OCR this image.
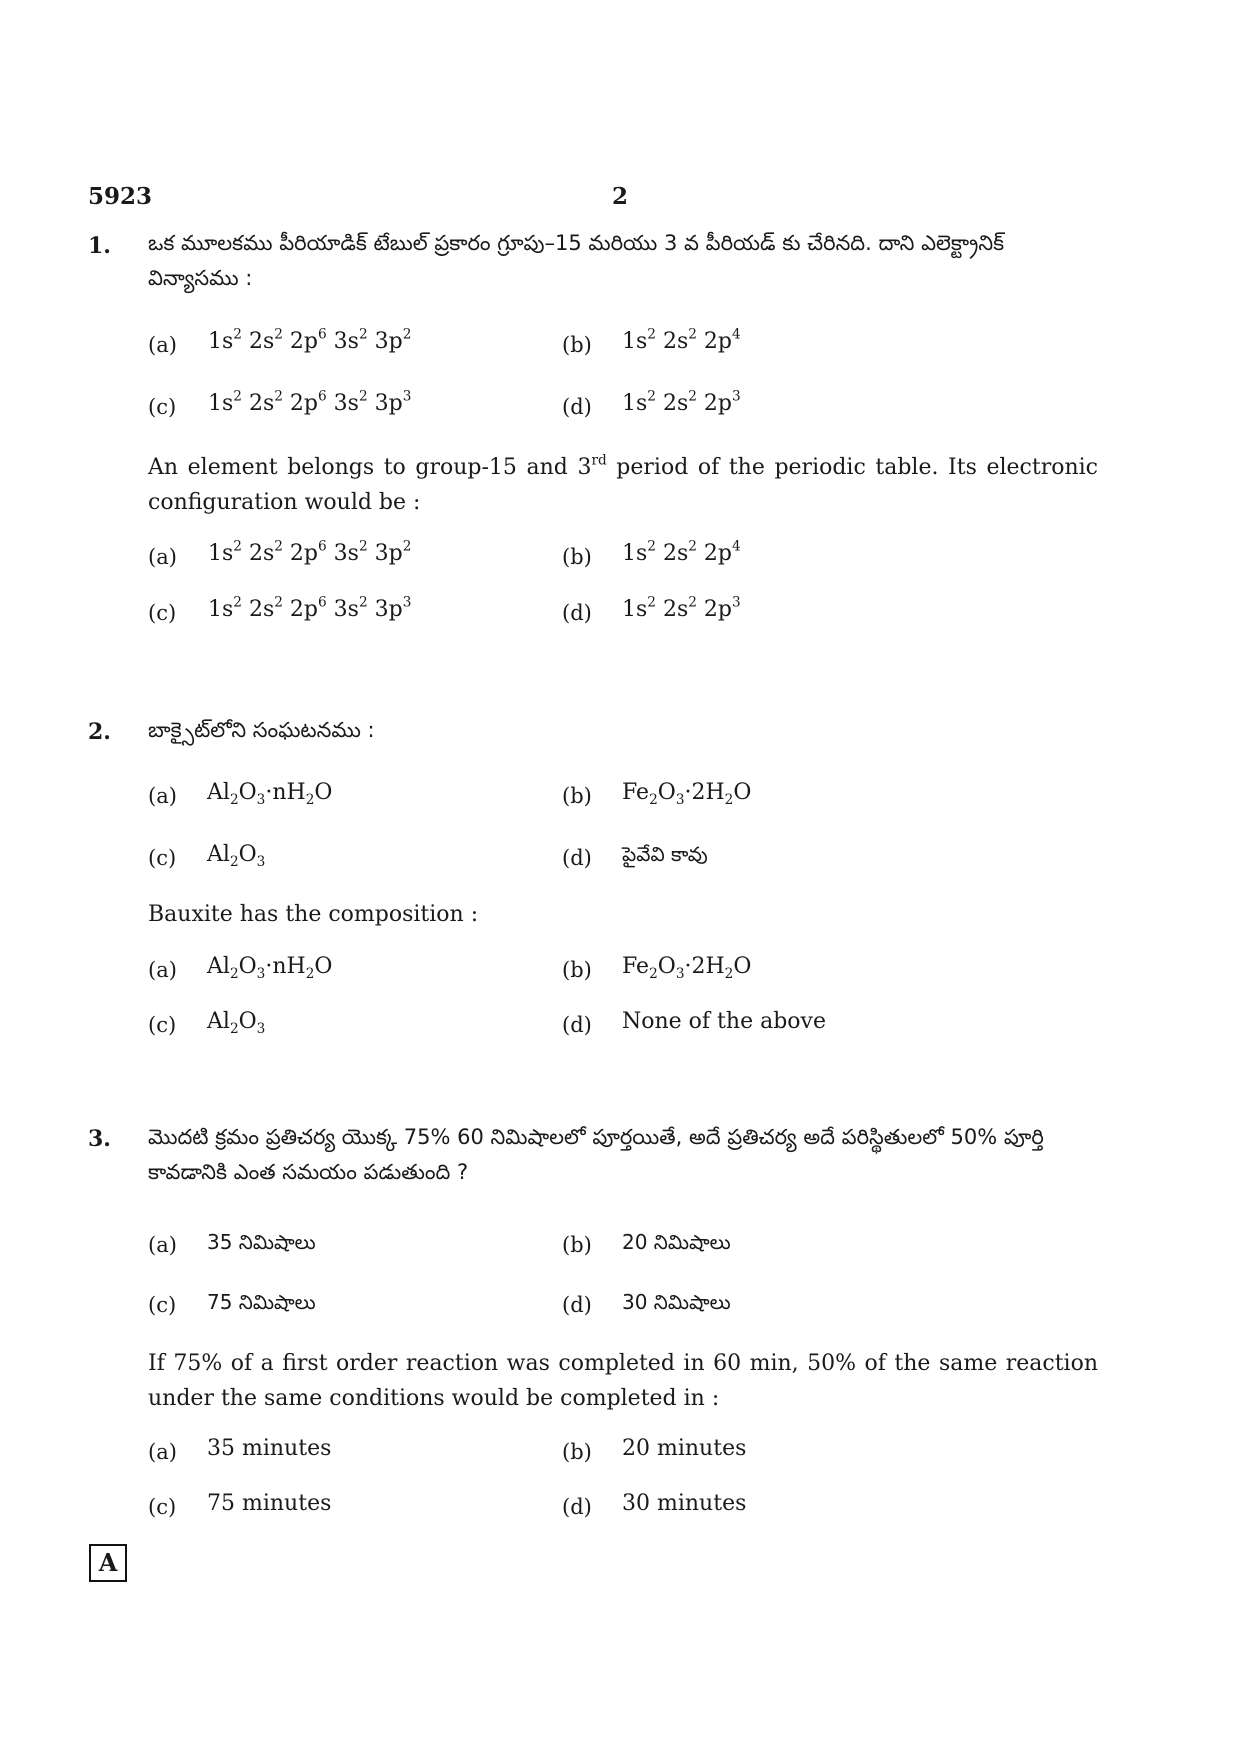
5923	2
1. ఒక మూలకము పీరియాడిక్ టేబుల్ ప్రకారం గ్రూపు–15 మరియు 3 వ పీరియడ్ కు చేరినది. దాని ఎలెక్ట్రానిక్ విన్యాసము :
(a) $1s^2$ $2s^2$ $2p^6$ $3s^2$ $3p^2$	(b) $1s^2$ $2s^2$ $2p^4$
(c) $1s^2$ $2s^2$ $2p^6$ $3s^2$ $3p^3$	(d) $1s^2$ $2s^2$ $2p^3$
An element belongs to group-15 and 3rd period of the periodic table. Its electronic configuration would be :
(a) $1s^2$ $2s^2$ $2p^6$ $3s^2$ $3p^2$	(b) $1s^2$ $2s^2$ $2p^4$
(c) $1s^2$ $2s^2$ $2p^6$ $3s^2$ $3p^3$	(d) $1s^2$ $2s^2$ $2p^3$
2. బాక్సైట్‌లోని సంఘటనము :
(a) $Al_2O_3\cdot nH_2O$	(b) $Fe_2O_3\cdot 2H_2O$
(c) $Al_2O_3$	(d) పైవేవి కావు
Bauxite has the composition :
(a) $Al_2O_3\cdot nH_2O$	(b) $Fe_2O_3\cdot 2H_2O$
(c) $Al_2O_3$	(d) None of the above
3. మొదటి క్రమం ప్రతిచర్య యొక్క 75% 60 నిమిషాలలో పూర్తయితే, అదే ప్రతిచర్య అదే పరిస్థితులలో 50% పూర్తి కావడానికి ఎంత సమయం పడుతుంది ?
(a) 35 నిమిషాలు	(b) 20 నిమిషాలు
(c) 75 నిమిషాలు	(d) 30 నిమిషాలు
If 75% of a first order reaction was completed in 60 min, 50% of the same reaction under the same conditions would be completed in :
(a) 35 minutes	(b) 20 minutes
(c) 75 minutes	(d) 30 minutes
A
